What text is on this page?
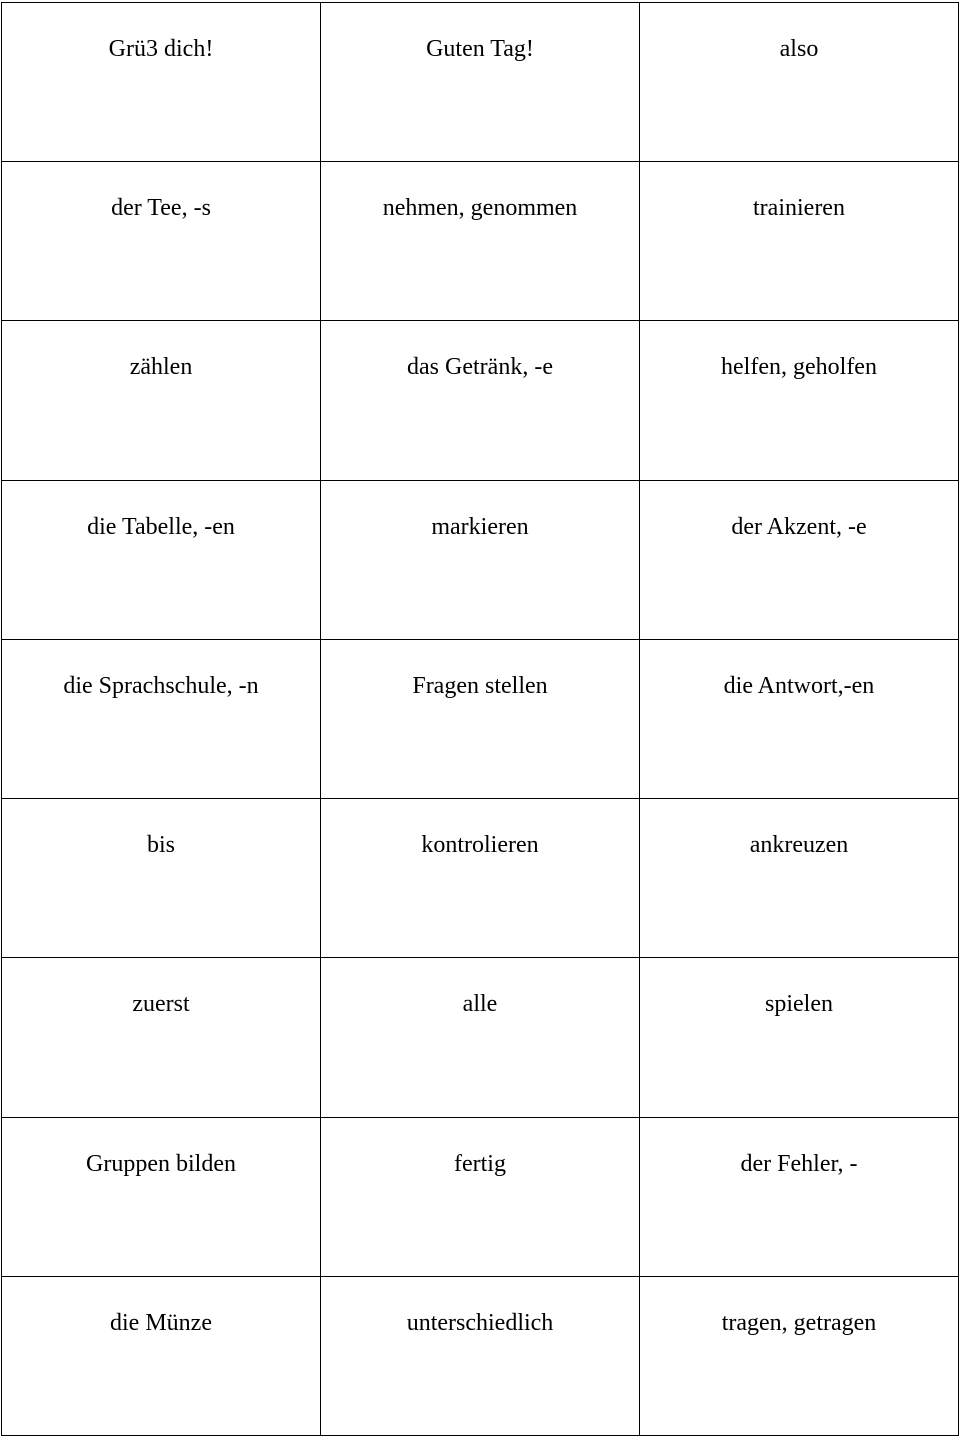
Grü3 dich!	Guten Tag!	also

der Tee, -s	nehmen, genommen	trainieren

zählen	das Getränk, -e	helfen, geholfen

die Tabelle, -en	markieren	der Akzent, -e

die Sprachschule, -n	Fragen stellen	die Antwort,-en

bis	kontrolieren	ankreuzen

zuerst	alle	spielen

Gruppen bilden	fertig	der Fehler, -

die Münze	unterschiedlich	tragen, getragen
